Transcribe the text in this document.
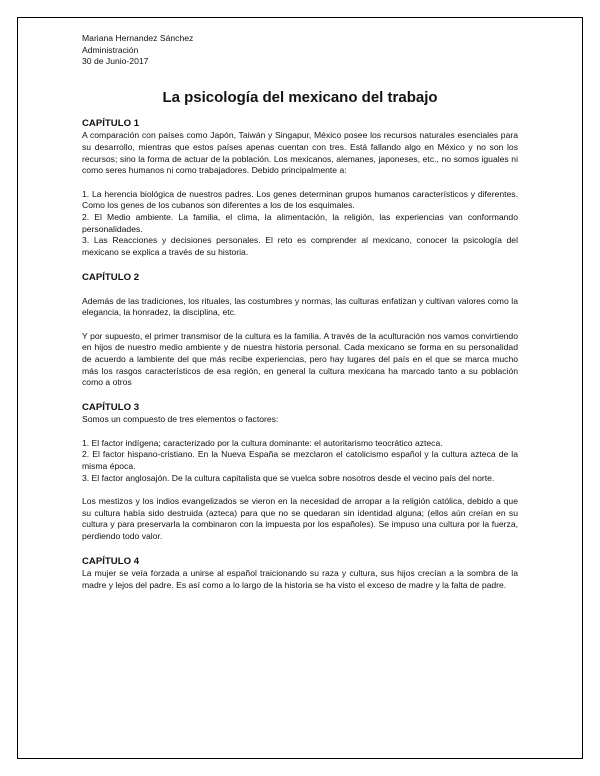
Mariana Hernandez Sánchez

Administración

30 de Junio-2017

La psicología del mexicano del trabajo
CAPÍTULO 1

A comparación con países como Japón, Taiwán y Singapur, México posee los recursos naturales esenciales para su desarrollo, mientras que estos países apenas cuentan con tres. Está fallando algo en México y no son los recursos; sino la forma de actuar de la población. Los mexicanos, alemanes, japoneses, etc., no somos iguales ni como seres humanos ni como trabajadores. Debido principalmente a:

1. La herencia biológica de nuestros padres. Los genes determinan grupos humanos característicos y diferentes. Como los genes de los cubanos son diferentes a los de los esquimales.

2. El Medio ambiente. La familia, el clima, la alimentación, la religión, las experiencias van conformando personalidades.

3. Las Reacciones y decisiones personales. El reto es comprender al mexicano, conocer la psicología del mexicano se explica a través de su historia.

CAPÍTULO 2

Además de las tradiciones, los rituales, las costumbres y normas, las culturas enfatizan y cultivan valores como la elegancia, la honradez, la disciplina, etc.

Y por supuesto, el primer transmisor de la cultura es la familia. A través de la aculturación nos vamos convirtiendo en hijos de nuestro medio ambiente y de nuestra historia personal. Cada mexicano se forma en su personalidad de acuerdo a lambiente del que más recibe experiencias, pero hay lugares del país en el que se marca mucho más los rasgos característicos de esa región, en general la cultura mexicana ha marcado tanto a su población como a otros

CAPÍTULO 3

Somos un compuesto de tres elementos o factores:

1. El factor indígena; caracterizado por la cultura dominante: el autoritarismo teocrático azteca.

2. El factor hispano-cristiano. En la Nueva España se mezclaron el catolicismo español y la cultura azteca de la misma época.

3. El factor anglosajón. De la cultura capitalista que se vuelca sobre nosotros desde el vecino país del norte.

Los mestizos y los indios evangelizados se vieron en la necesidad de arropar a la religión católica, debido a que su cultura había sido destruida (azteca) para que no se quedaran sin identidad alguna; (ellos aún creían en su cultura y para preservarla la combinaron con la impuesta por los españoles). Se impuso una cultura por la fuerza, perdiendo todo valor.

CAPÍTULO 4

La mujer se veía forzada a unirse al español traicionando su raza y cultura, sus hijos crecían a la sombra de la madre y lejos del padre. Es así como a lo largo de la historia se ha visto el exceso de madre y la falta de padre.
